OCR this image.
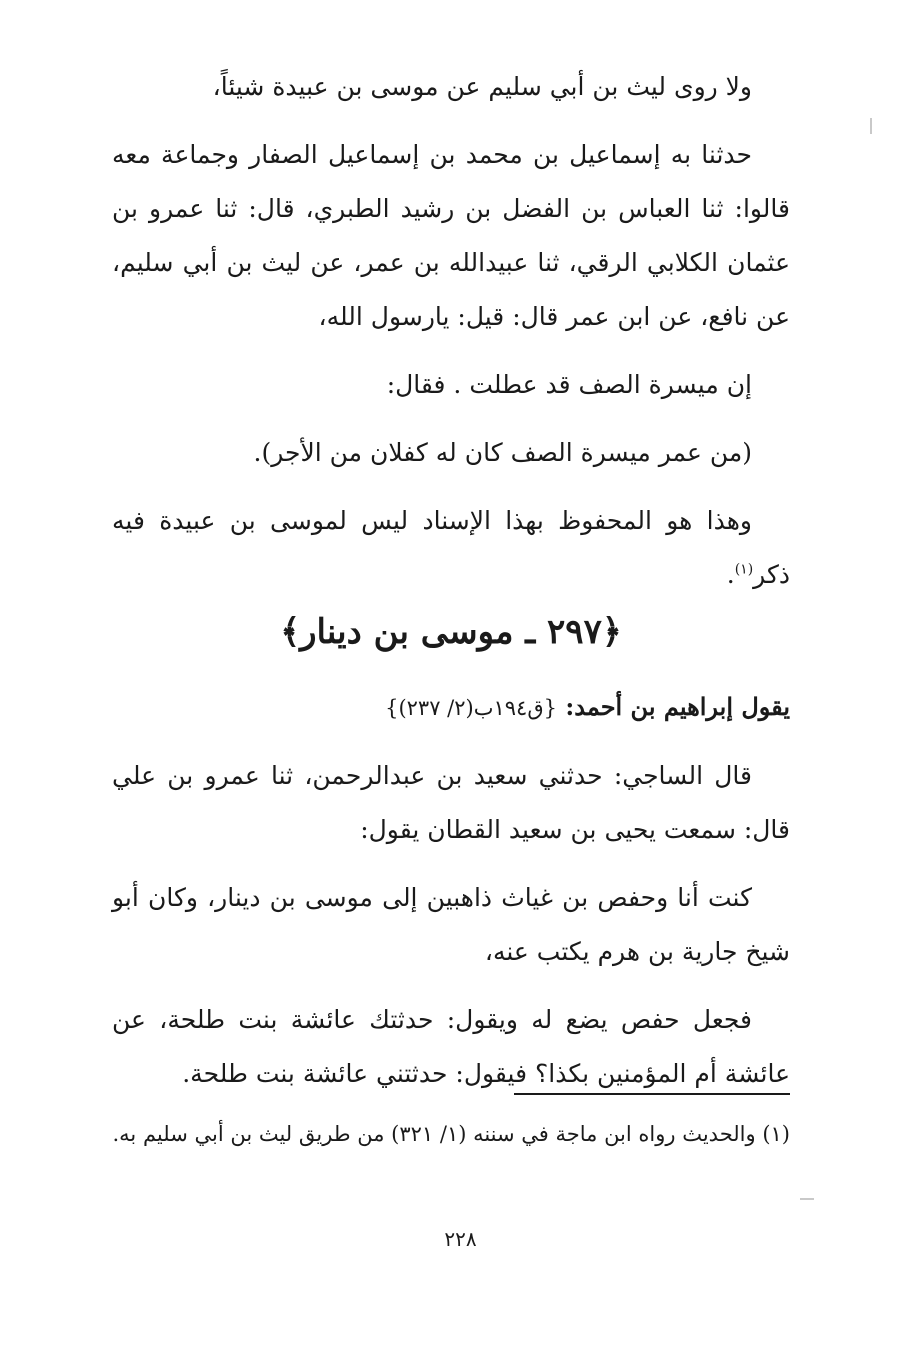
ولا روى ليث بن أبي سليم عن موسى بن عبيدة شيئاً،

حدثنا به إسماعيل بن محمد بن إسماعيل الصفار وجماعة معه قالوا: ثنا العباس بن الفضل بن رشيد الطبري، قال: ثنا عمرو بن عثمان الكلابي الرقي، ثنا عبيدالله بن عمر، عن ليث بن أبي سليم، عن نافع، عن ابن عمر قال: قيل: يارسول الله،

إن ميسرة الصف قد عطلت . فقال:

(من عمر ميسرة الصف كان له كفلان من الأجر).

وهذا هو المحفوظ بهذا الإسناد ليس لموسى بن عبيدة فيه ذكر$^{(١)}$.

﴿٢٩٧ ـ موسى بن دينار﴾

يقول إبراهيم بن أحمد: {ق١٩٤ب(٢/ ٢٣٧)}

قال الساجي: حدثني سعيد بن عبدالرحمن، ثنا عمرو بن علي قال: سمعت يحيى بن سعيد القطان يقول:

كنت أنا وحفص بن غياث ذاهبين إلى موسى بن دينار، وكان أبو شيخ جارية بن هرم يكتب عنه،

فجعل حفص يضع له ويقول: حدثتك عائشة بنت طلحة، عن عائشة أم المؤمنين بكذا؟ فيقول: حدثتني عائشة بنت طلحة.

(١) والحديث رواه ابن ماجة في سننه (١/ ٣٢١) من طريق ليث بن أبي سليم به.
٢٢٨
